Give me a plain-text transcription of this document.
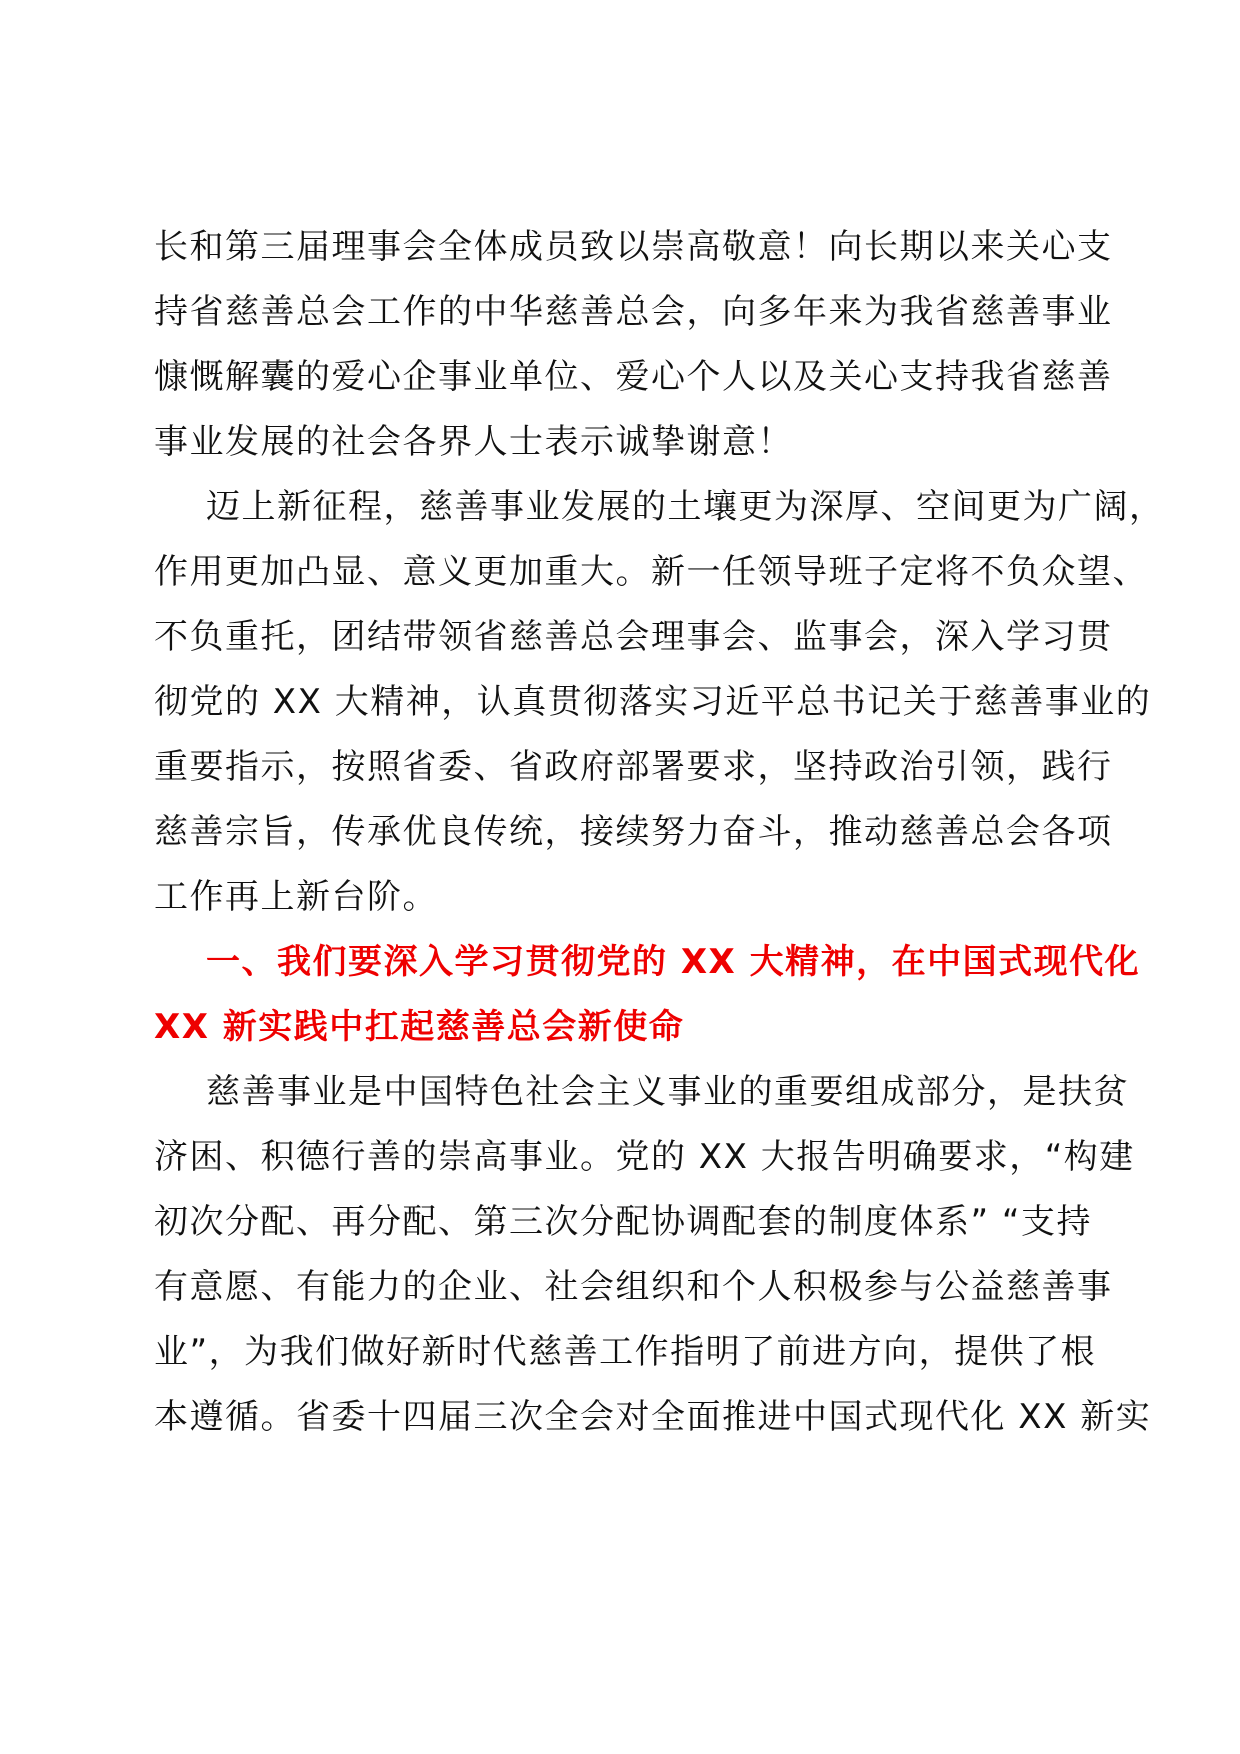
长和第三届理事会全体成员致以崇高敬意！向长期以来关心支
持省慈善总会工作的中华慈善总会，向多年来为我省慈善事业
慷慨解囊的爱心企事业单位、爱心个人以及关心支持我省慈善
事业发展的社会各界人士表示诚挚谢意！
迈上新征程，慈善事业发展的土壤更为深厚、空间更为广阔，
作用更加凸显、意义更加重大。新一任领导班子定将不负众望、
不负重托，团结带领省慈善总会理事会、监事会，深入学习贯
彻党的 XX 大精神，认真贯彻落实习近平总书记关于慈善事业的
重要指示，按照省委、省政府部署要求，坚持政治引领，践行
慈善宗旨，传承优良传统，接续努力奋斗，推动慈善总会各项
工作再上新台阶。
一、我们要深入学习贯彻党的 XX 大精神，在中国式现代化
XX 新实践中扛起慈善总会新使命
慈善事业是中国特色社会主义事业的重要组成部分，是扶贫
济困、积德行善的崇高事业。党的 XX 大报告明确要求，“构建
初次分配、再分配、第三次分配协调配套的制度体系” “支持
有意愿、有能力的企业、社会组织和个人积极参与公益慈善事
业”，为我们做好新时代慈善工作指明了前进方向，提供了根
本遵循。省委十四届三次全会对全面推进中国式现代化 XX 新实
